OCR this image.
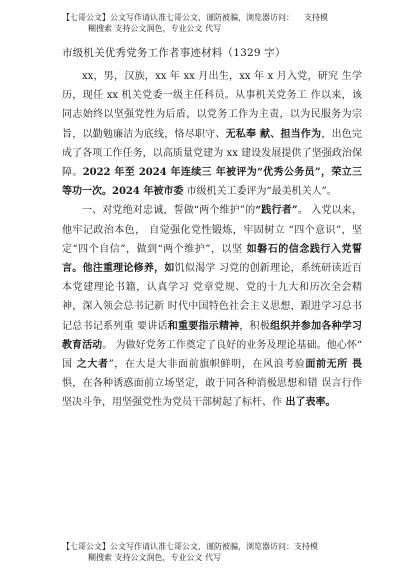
【七哥公文】公文写作请认准七哥公文，谨防被骗，浏览器访问： 支持模
糊搜索 支持公文润色，专业公文 代写
市级机关优秀党务工作者事迹材料（1329 字）

xx，男，汉族，xx 年 xx 月出生，xx 年 x 月入党，研究 生学历，现任 xx 机关党委一级主任科员。从事机关党务工 作以来，该同志始终以坚强党性为后盾，以党务工作为主责，以为民服务为宗旨，以勤勉廉洁为底线，恪尽职守、无私奉 献、担当作为，出色完成了各项工作任务，以高质量党建为 xx 建设发展提供了坚强政治保障。2022 年至 2024 年连续三 年被评为“优秀公务员”，荣立三等功一次。2024 年被市委 市级机关工委评为“最美机关人”。

一、对党绝对忠诚，誓做“两个维护”的“践行者”。 入党以来，他牢记政治本色， 自觉强化党性锻炼，牢固树立 “四个意识”，坚定“四个自信”，做到“两个维护”，以坚 如磐石的信念践行入党誓言。他注重理论修养，如饥似渴学 习党的创新理论，系统研读近百本党建理论书籍，认真学习 党章党规、党的十九大和历次全会精神，深入领会总书记新 时代中国特色社会主义思想，跟进学习总书记总书记系列重 要讲话和重要指示精神，积极组织并参加各种学习教育活动。 为做好党务工作奠定了良好的业务及理论基础。他心怀“ 国 之大者”，在大是大非面前旗帜鲜明，在风浪考验面前无所 畏惧，在各种诱惑面前立场坚定，敢于同各种消极思想和错 误言行作坚决斗争，用坚强党性为党员干部树起了标杆、作 出了表率。

【七哥公文】公文写作请认准七哥公文，谨防被骗，浏览器访问：支持模
糊搜索 支持公文润色，专业公文 代写
